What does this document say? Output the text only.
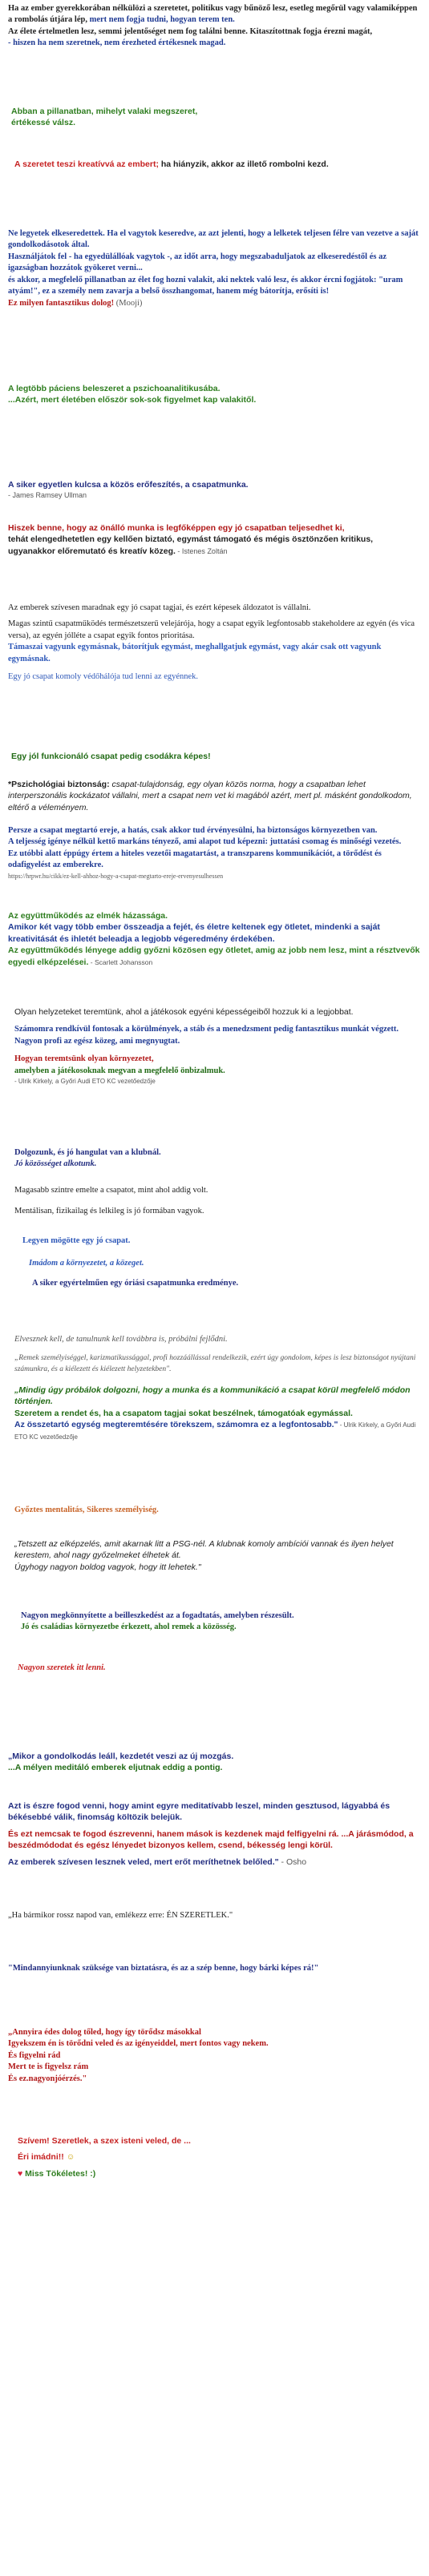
Ha az ember gyerekkorában nélkülözi a szeretetet, politikus vagy bűnöző lesz, esetleg megőrül vagy valamiképpen a rombolás útjára lép, mert nem fogja tudni, hogyan terem ten.
Az élete értelmetlen lesz, semmi jelentőséget nem fog találni benne. Kitaszítottnak fogja érezni magát,
- hiszen ha nem szeretnek, nem érezheted értékesnek magad.
Abban a pillanatban, mihelyt valaki megszeret,
értékessé válsz.
A szeretet teszi kreatívvá az embert; ha hiányzik, akkor az illető rombolni kezd.
Ne legyetek elkeseredettek. Ha el vagytok keseredve, az azt jelenti, hogy a lelketek teljesen félre van vezetve a saját gondolkodásotok által.
Használjátok fel - ha egyedülállóak vagytok -, az időt arra, hogy megszabaduljatok az elkeseredéstől és az igazságban hozzátok gyökeret verni...
és akkor, a megfelelő pillanatban az élet fog hozni valakit, aki nektek való lesz, és akkor ércni fogjátok: "uram atyám!", ez a személy nem zavarja a belső összhangomat, hanem még bátorítja, erősíti is!
Ez milyen fantasztikus dolog! (Mooji)
A legtöbb páciens beleszeret a pszichoanalitikusába.
...Azért, mert életében először sok-sok figyelmet kap valakitől.
A siker egyetlen kulcsa a közös erőfeszítés, a csapatmunka.
- James Ramsey Ullman
Hiszek benne, hogy az önálló munka is legfőképpen egy jó csapatban teljesedhet ki,
tehát elengedhetetlen egy kellően biztató, egymást támogató és mégis ösztönzően kritikus, ugyanakkor előremutató és kreatív közeg. - Istenes Zoltán
Az emberek szívesen maradnak egy jó csapat tagjai, és ezért képesek áldozatot is vállalni.
Magas szintű csapatműködés természetszerű velejárója, hogy a csapat egyik legfontosabb stakeholdere az egyén (és vica versa), az egyén jólléte a csapat egyik fontos prioritása.
Támaszai vagyunk egymásnak, bátorítjuk egymást, meghallgatjuk egymást, vagy akár csak ott vagyunk egymásnak.
Egy jó csapat komoly védőhálója tud lenni az egyénnek.
Egy jól funkcionáló csapat pedig csodákra képes!
*Pszichológiai biztonság: csapat-tulajdonság, egy olyan közös norma, hogy a csapatban lehet interperszonális kockázatot vállalni, mert a csapat nem vet ki magából azért, mert pl. másként gondolkodom, eltérő a véleményem.
Persze a csapat megtartó ereje, a hatás, csak akkor tud érvényesülni, ha biztonságos környezetben van.
A teljesség igénye nélkül kettő markáns tényező, ami alapot tud képezni: juttatási csomag és minőségi vezetés.
Ez utóbbi alatt éppúgy értem a hiteles vezetői magatartást, a transzparens kommunikációt, a törődést és odafigyelést az emberekre.
https://hrpwr.hu/cikk/ez-kell-ahhoz-hogy-a-csapat-megtarto-ereje-ervenyesulhessen
Az együttműködés az elmék házassága.
Amikor két vagy több ember összeadja a fejét, és életre keltenek egy ötletet, mindenki a saját kreativitását és ihletét beleadja a legjobb végeredmény érdekében.
Az együttműködés lényege addig győzni közösen egy ötletet, amig az jobb nem lesz, mint a résztvevők egyedi elképzelései. - Scarlett Johansson
Olyan helyzeteket teremtünk, ahol a játékosok egyéni képességeiből hozzuk ki a legjobbat.
Számomra rendkívül fontosak a körülmények, a stáb és a menedzsment pedig fantasztikus munkát végzett.
Nagyon profi az egész közeg, ami megnyugtat.
Hogyan teremtsünk olyan környezetet,
amelyben a játékosoknak megvan a megfelelő önbizalmuk.
- Ulrik Kirkely, a Győri Audi ETO KC vezetőedzője
Dolgozunk, és jó hangulat van a klubnál.
Jó közösséget alkotunk.
Magasabb szintre emelte a csapatot, mint ahol addig volt.
Mentálisan, fizikailag és lelkileg is jó formában vagyok.
Legyen mögötte egy jó csapat.
Imádom a környezetet, a közeget.
A siker egyértelműen egy óriási csapatmunka eredménye.
Elvesznek kell, de tanulnunk kell továbbra is, próbálni fejlődni.
„Remek személyiséggel, karizmatikussággal, profi hozzáállással rendelkezik, ezért úgy gondolom, képes is lesz biztonságot nyújtani számunkra, és a kiélezett és kiélezett helyzetekben".
„Mindig úgy próbálok dolgozni, hogy a munka és a kommunikáció a csapat körül megfelelő módon történjen.
Szeretem a rendet és, ha a csapatom tagjai sokat beszélnek, támogatóak egymással.
Az összetartó egység megteremtésére törekszem, számomra ez a legfontosabb." - Ulrik Kirkely, a Győri Audi ETO KC vezetőedzője
Győztes mentalitás, Sikeres személyiség.
„Tetszett az elképzelés, amit akarnak litt a PSG-nél. A klubnak komoly ambíciói vannak és ilyen helyet kerestem, ahol nagy győzelmeket élhetek át.
Úgyhogy nagyon boldog vagyok, hogy itt lehetek."
Nagyon megkönnyítette a beilleszkedést az a fogadtatás, amelyben részesült.
Jó és családias környezetbe érkezett, ahol remek a közösség.
Nagyon szeretek itt lenni.
„Mikor a gondolkodás leáll, kezdetét veszi az új mozgás.
...A mélyen meditáló emberek eljutnak eddig a pontig.
Azt is észre fogod venni, hogy amint egyre meditatívabb leszel, minden gesztusod, lágyabbá és békésebbé válik, finomság költözik belejük.
És ezt nemcsak te fogod észrevenni, hanem mások is kezdenek majd felfigyelni rá. ...A járásmódod, a beszédmódodat és egész lényedet bizonyos kellem, csend, békesség lengi körül.
Az emberek szívesen lesznek veled, mert erőt meríthetnek belőled." - Osho
„Ha bármikor rossz napod van, emlékezz erre: ÉN SZERETLEK."
"Mindannyiunknak szüksége van biztatásra, és az a szép benne, hogy bárki képes rá!"
„Annyira édes dolog tőled, hogy így törődsz másokkal
Igyekszem én is törődni veled és az igényeiddel, mert fontos vagy nekem.
És figyelni rád
Mert te is figyelsz rám
És ez.nagyonjóérzés."
Szívem! Szeretlek, a szex isteni veled, de ...
Éri imádni!! ☺
♥ Miss Tökéletes! :)
